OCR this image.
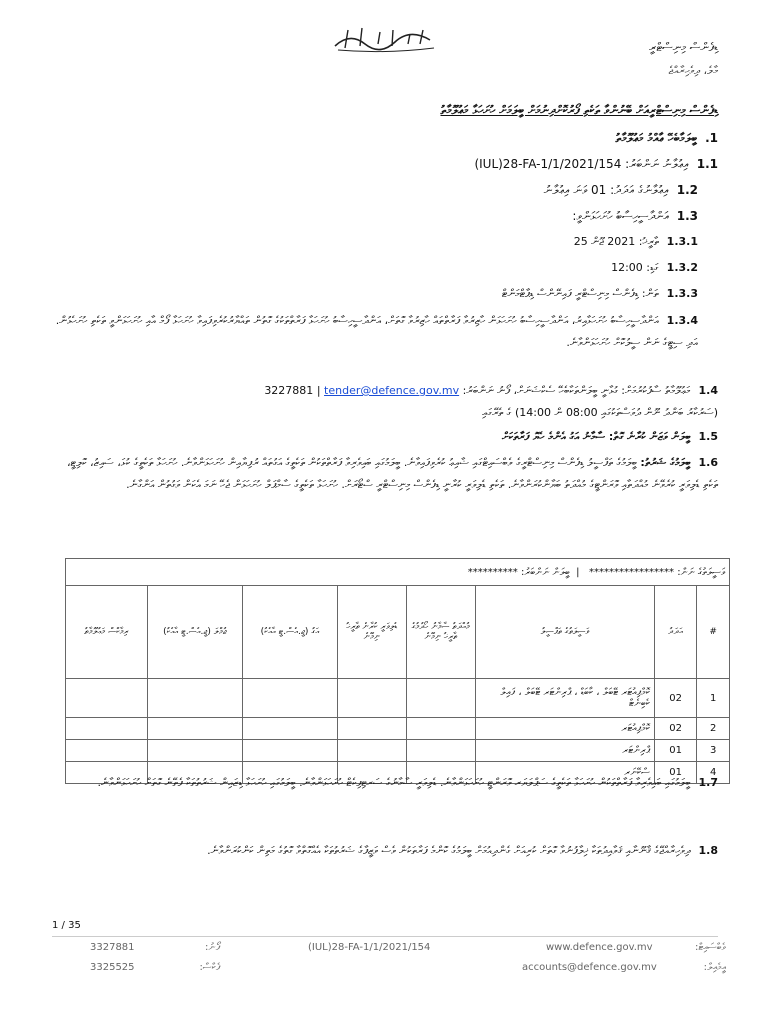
ޑިފެންސް މިނިސްޓްރީ
މާލެ، ދިވެހިރާއްޖެ
ޑިފެންސް މިނިސްޓްރީއަށް ބޭނުންވާ ތަކެތި ފޯރުކޮށްދިނުމަށް ބީލަމަށް ހުށަހަޅާ މަޢުލޫމާތު
1.ބީލަމާބެހޭ ޢާއްމު މަޢުލޫމާތު
1.1އިޢުލާނު ނަންބަރު: (IUL)28-FA-1/1/2021/154
1.2އިޢުލާނުގެ އަދަދު: 01 ވަނަ އިޢުލާނު
1.3އަންދާސީހިސާބު ހުށަހަޅަންވީ:
1.3.1ތާރީޚު: 2021 ޖޫން 25
1.3.2ގަޑި: 12:00
1.3.3ތަން: ޑިފެންސް މިނިސްޓްރީ ފައިނޭންސް ޑިޕާޓްމަންޓް
1.3.4އަންދާސީހިސާބު ހުށަހަޅާއިރު، އަންދާސީހިސާބު ހުށަހަޅަން ހާޒިރުވާ ފަރާތްތައް ހާޒިރުވާ ގޮތަށް، އަންދާސީހިސާބު ހުށަހަޅާ ފަރާތްތަކުގެ ގޮތުން ތައްޔާރުކުރެވިފައިވާ ހުށަހަޅާ ފޯމް އާއި ހުށަހަޅަންވީ ތަކެތި ހުށަހެޅުން. އަދި ސިޓީގެ ނަން ސީލުކޮށް ހުށަހަޅަންވާނެ.
1.4މަޢުލޫމާތު ސާފުކުރުމަށް: ގުޅާނީ ބީލަންތަކާބެހޭ ސެކްޝަނަށް، ފޯނު ނަންބަރު: 3227881 | tender@defence.gov.mv
(ސަރުކާރު ބަންދު ނޫން ދުވަސްތަކުގައި 08:00 ން 14:00) ގެ ތެރޭގައި
1.5ބީލަން ވަޒަން ކުރާނެ ގޮތް: ސާމާނު އަގު އެންމެ ހެޔޮ ފަރާތަކަށް
1.6ބީލަމުގެ ޝަރުތު: ބީލަމުގެ ތަފްސީލު ޑިފެންސް މިނިސްޓްރީގެ ވެބްސައިޓްގައި ޝާއިޢު ކުރެވިފައިވާނެ. ބީލަމުގައި ބައިވެރިވާ ފަރާތްތަކުން ތަކެތީގެ އަގުތައް ރުފިޔާއިން ހުށަހަޅަންވާނެ. ހުށަހަޅާ ތަކެތީގެ ކުޅަ، ސައިޒު، ކޮލިޓީ، ތަކެތި ޑެލިވަރީ ކުރެވޭނެ މުއްދަތާއި ވޮރަންޓީގެ މުއްދަތު ބަޔާންކުރަންވާނެ. ތަކެތި ޑެލިވަރީ ކުރާނީ ޑިފެންސް މިނިސްޓްރީ ސްޓޯރަށް. ހުށަހަޅާ ތަކެތީގެ ސާމްޕަލް ހުށަހަޅަން ޖެހޭ ނަމަ އެކަން ވަގުތުން އަންގާނެ.
ވަސީލަތުގެ ނަން: *****************   |  ބީލަން ނަންބަރު: **********							
#	އަދަދު	ވަސީލަތުގެ ތަފްސީލު	މުއްދަތު ސާމާނު ހޯދުމުގެ ތާރީޚު ނިމޭނެ	ޑެލިވަރީ ކުރާނެ ތާރީޚު ނިމޭނެ	އަގު (ޖީ.އެސް.ޓީ އާއެކު)	ޖުމްލަ (ޖީ.އެސް.ޓީ އާއެކު)	ރިމާކްސް މަޢުލޫމާތު
1	02	ކޮމްޕިއުޓަރ ޓޭބަލް ، ކާބަޑް ، ޕްރިންޓަރ ޓޭބަލް ، ފައިލް ކެބިނެޓް					
2	02	ކޮމްޕިއުޓަރ					
3	01	ޕްރިންޓަރ					
4	01	ސްކޭނަރ					
1.7ބީލަމުގައި ބައިވެރިވާ ފަރާތްތަކުން ހުށަހަޅާ ތަކެތީގެ ސަޕްލަޔަރ ވޮރަންޓީ ހުށަހަޅަންވާނެ. ޑެލިވަރީ ސާމާނުގެ ސަރޓިފިކެޓް ހުށަހަޅަންވާނެ. ބީލަމުގައި ހުށަހަޅާ ޑިޒައިން ޝަރުތުތަކާ ފެތޭނެ ގޮތަށް ހުށަހަޅަންވާނެ.
1.8ދިވެހިރާއްޖޭގެ ޤާނޫނާއި ޤަވާއިދުތަކާ ޚިލާފުނުވާ ގޮތަށް ކުރިއަށް ގެންދިއުމަށް ބީލަމުގެ ކޮންމެ ފަރާތަކުން ވެސް ވަޒީފާގެ ޝަރުތުތަކާ އެއްގޮތްވާ ގޮތުގެ މަތިން ކަންކުރަންވާނެ.
1 / 35
3327881	ފޯނު:
3325525	ފެކްސް:
(IUL)28-FA-1/1/2021/154	www.defence.gov.mv	ވެބްސައިޓް:
accounts@defence.gov.mv	އީމެއިލް:
